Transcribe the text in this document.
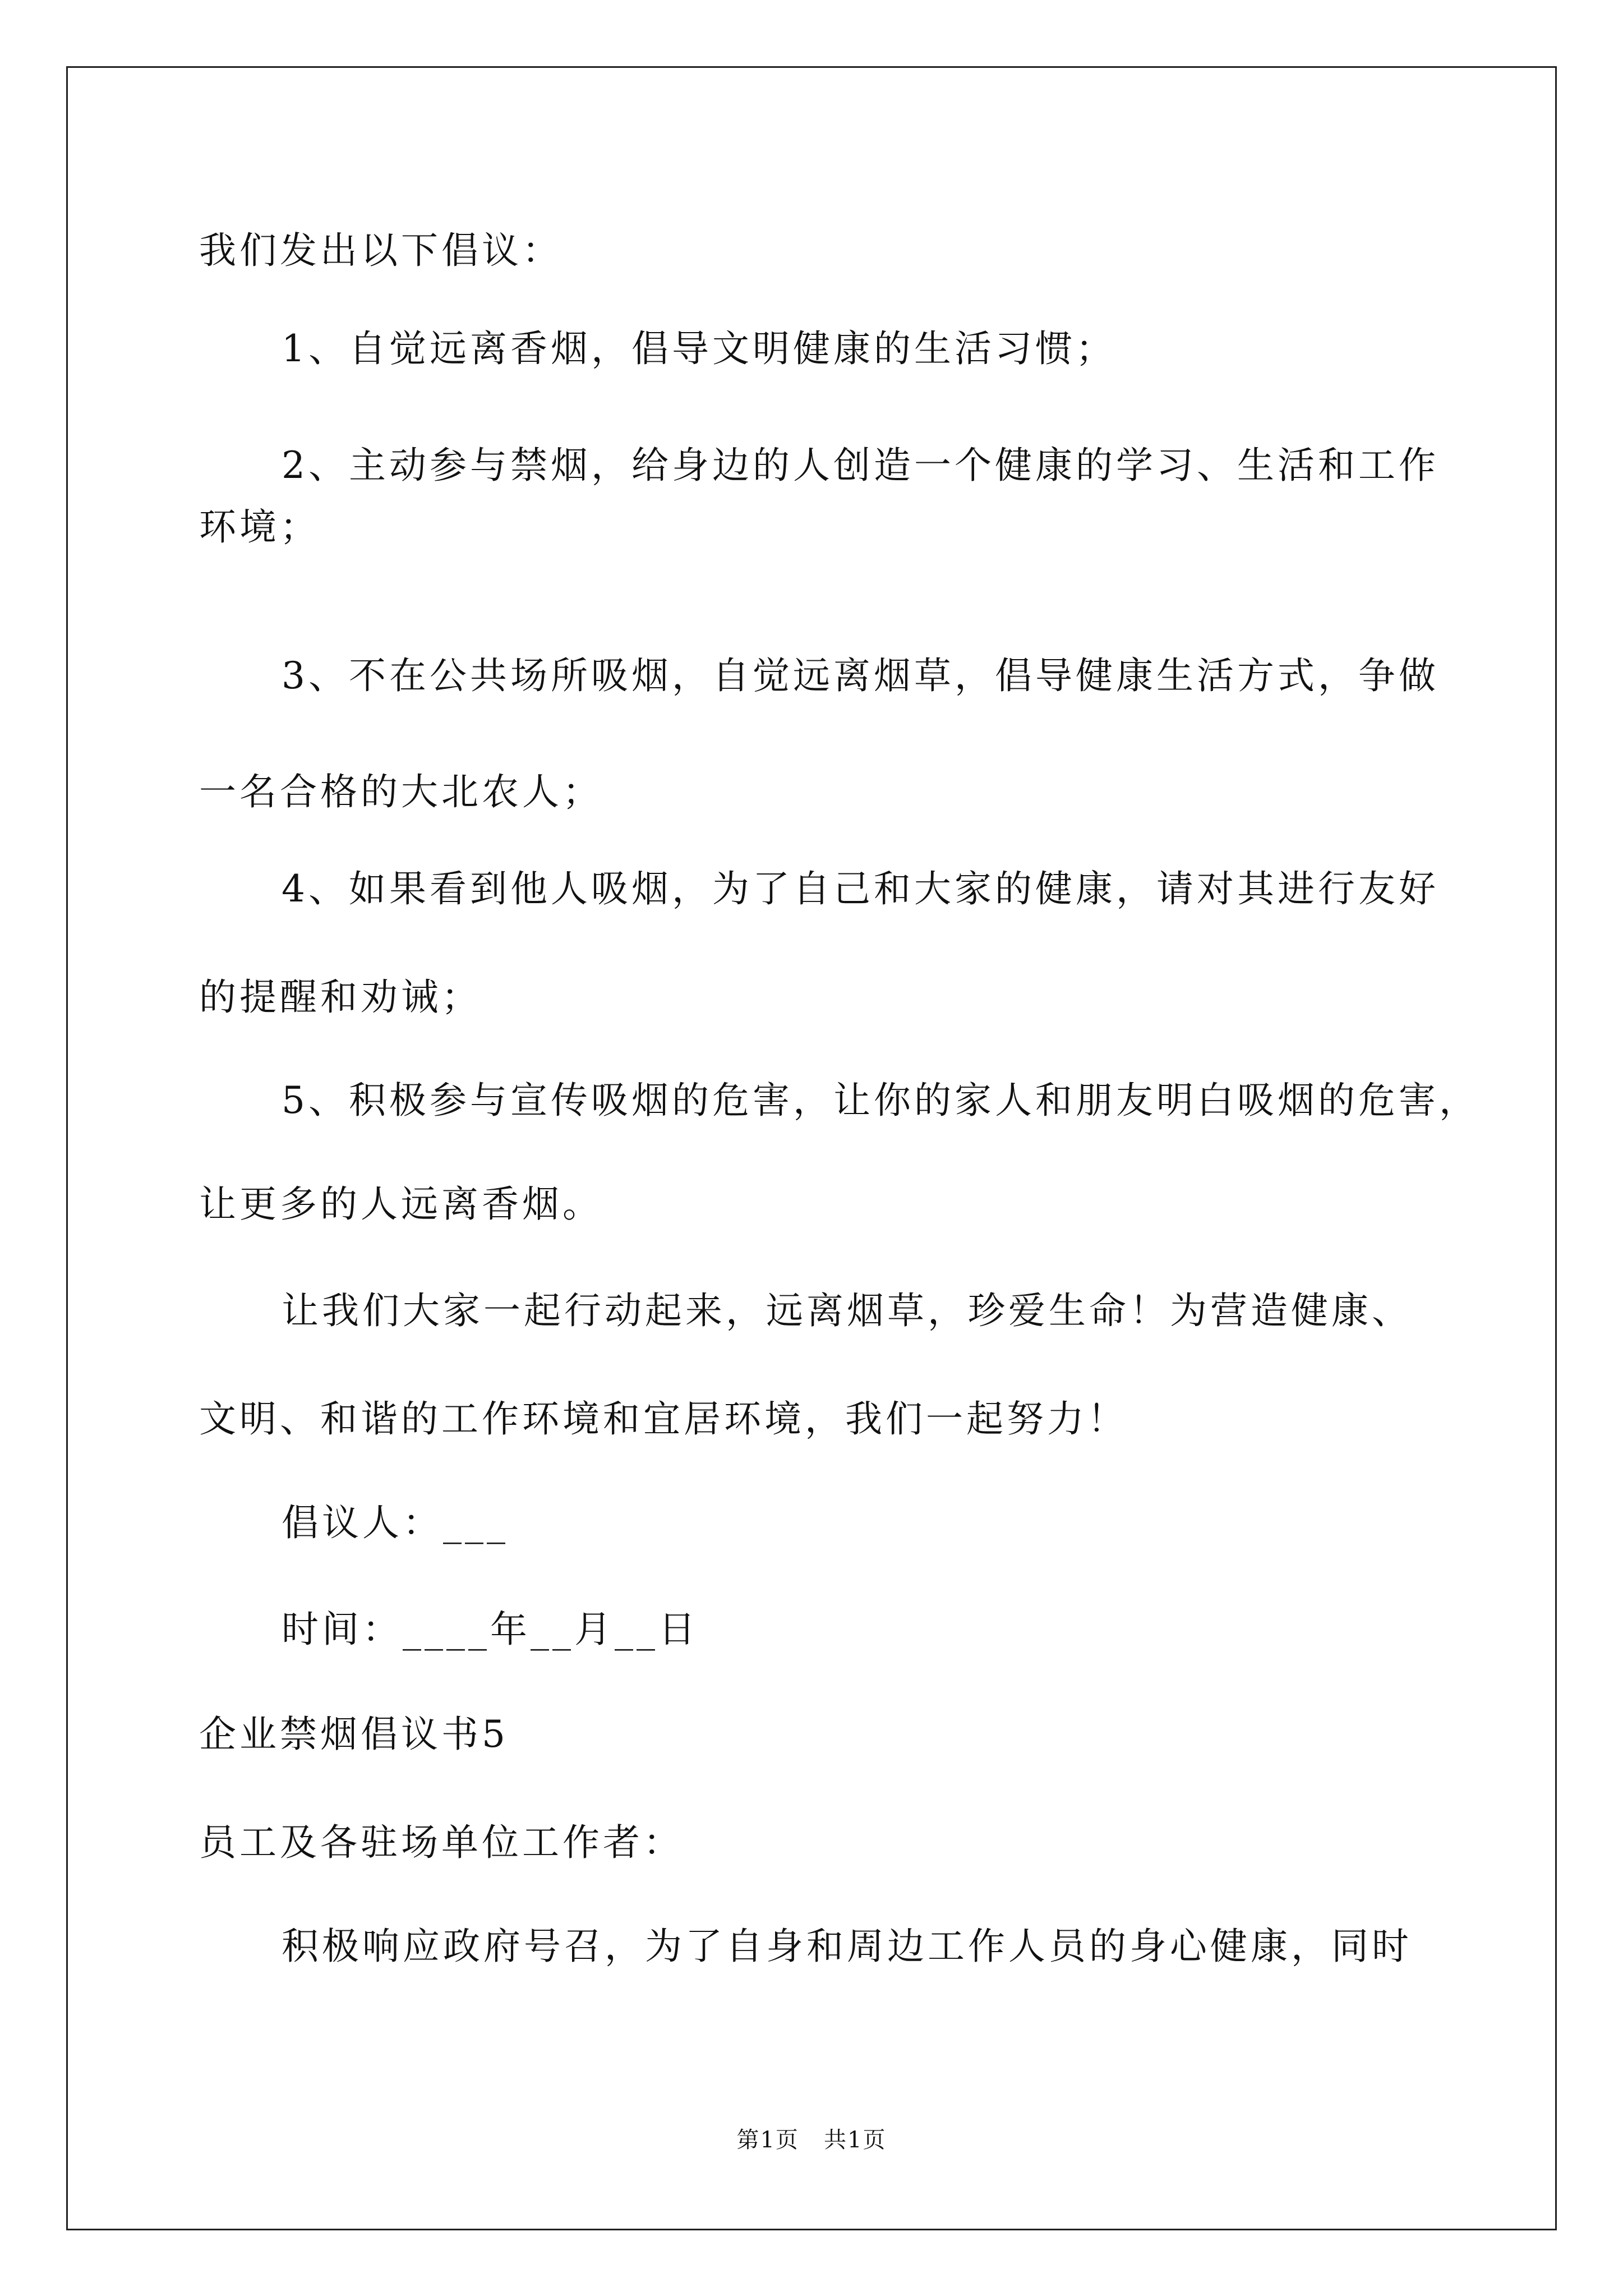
我们发出以下倡议：
1、自觉远离香烟，倡导文明健康的生活习惯；
2、主动参与禁烟，给身边的人创造一个健康的学习、生活和工作
环境；
3、不在公共场所吸烟，自觉远离烟草，倡导健康生活方式，争做
一名合格的大北农人；
4、如果看到他人吸烟，为了自己和大家的健康，请对其进行友好
的提醒和劝诫；
5、积极参与宣传吸烟的危害，让你的家人和朋友明白吸烟的危害，
让更多的人远离香烟。
让我们大家一起行动起来，远离烟草，珍爱生命！为营造健康、
文明、和谐的工作环境和宜居环境，我们一起努力！
倡议人：___
时间：____年__月__日
企业禁烟倡议书5
员工及各驻场单位工作者：
积极响应政府号召，为了自身和周边工作人员的身心健康，同时
第1页   共1页
